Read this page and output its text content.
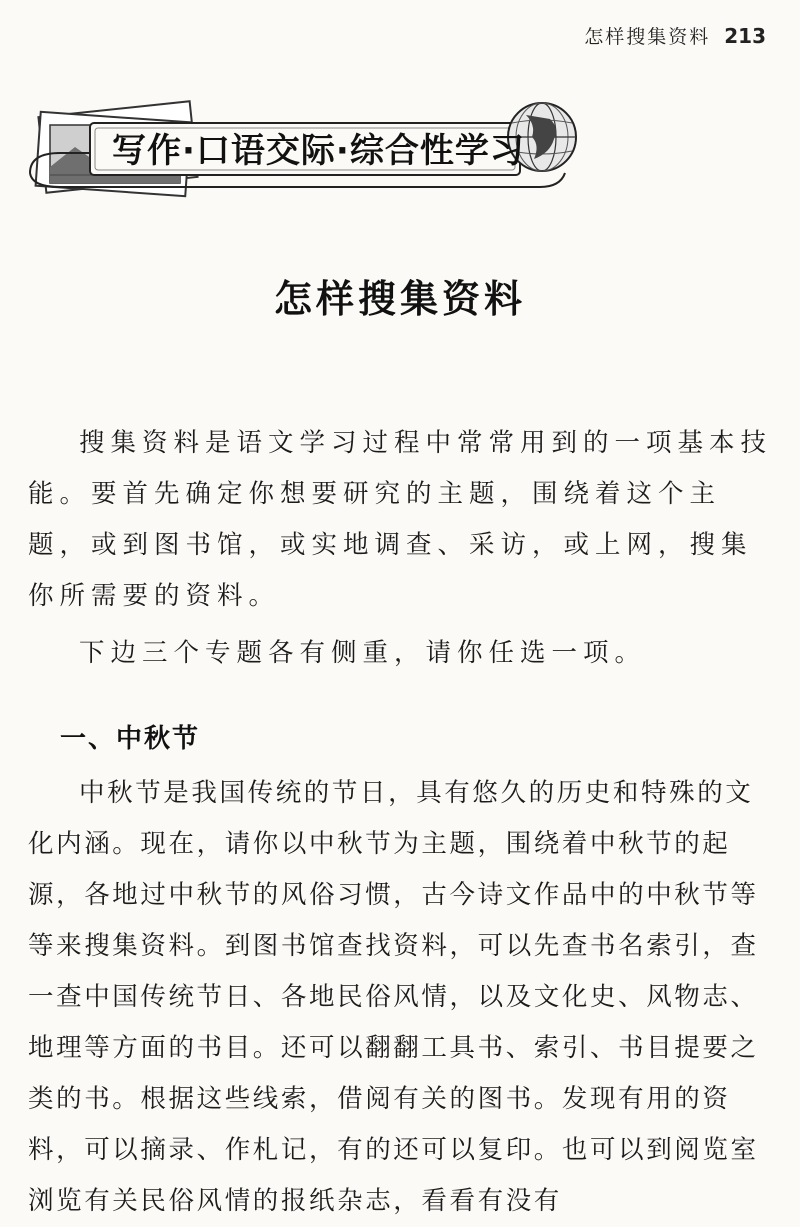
怎样搜集资料 213
写作·口语交际·综合性学习
怎样搜集资料

搜集资料是语文学习过程中常常用到的一项基本技能。要首先确定你想要研究的主题，围绕着这个主题，或到图书馆，或实地调查、采访，或上网，搜集你所需要的资料。

下边三个专题各有侧重，请你任选一项。

一、中秋节

中秋节是我国传统的节日，具有悠久的历史和特殊的文化内涵。现在，请你以中秋节为主题，围绕着中秋节的起源，各地过中秋节的风俗习惯，古今诗文作品中的中秋节等等来搜集资料。到图书馆查找资料，可以先查书名索引，查一查中国传统节日、各地民俗风情，以及文化史、风物志、地理等方面的书目。还可以翻翻工具书、索引、书目提要之类的书。根据这些线索，借阅有关的图书。发现有用的资料，可以摘录、作札记，有的还可以复印。也可以到阅览室浏览有关民俗风情的报纸杂志，看看有没有
